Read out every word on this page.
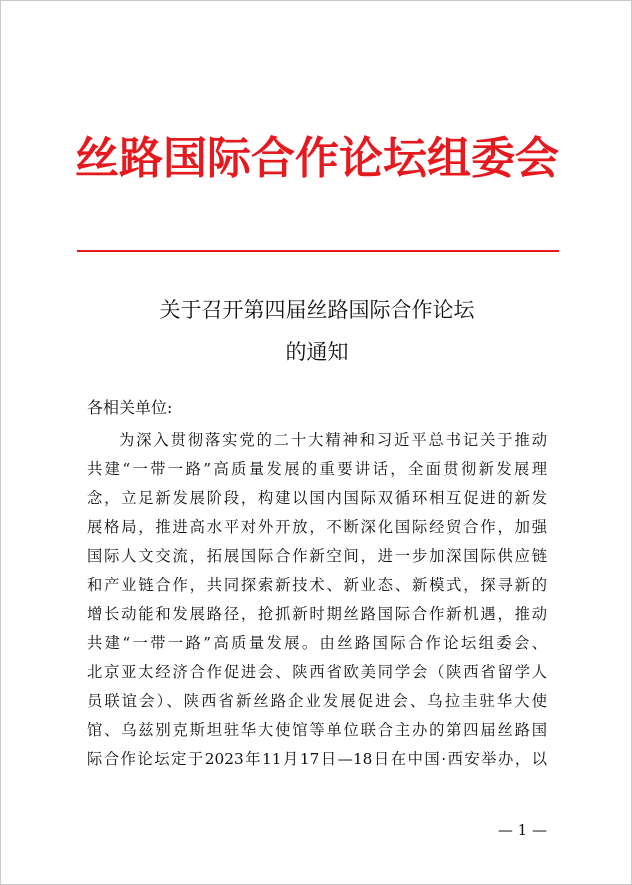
丝路国际合作论坛组委会
关于召开第四届丝路国际合作论坛
的通知
各相关单位:
为深入贯彻落实党的二十大精神和习近平总书记关于推动
共建“一带一路”高质量发展的重要讲话，全面贯彻新发展理
念，立足新发展阶段，构建以国内国际双循环相互促进的新发
展格局，推进高水平对外开放，不断深化国际经贸合作，加强
国际人文交流，拓展国际合作新空间，进一步加深国际供应链
和产业链合作，共同探索新技术、新业态、新模式，探寻新的
增长动能和发展路径，抢抓新时期丝路国际合作新机遇，推动
共建“一带一路”高质量发展。由丝路国际合作论坛组委会、
北京亚太经济合作促进会、陕西省欧美同学会（陕西省留学人
员联谊会）、陕西省新丝路企业发展促进会、乌拉圭驻华大使
馆、乌兹别克斯坦驻华大使馆等单位联合主办的第四届丝路国
际合作论坛定于2023年11月17日—18日在中国·西安举办，以
— 1 —
